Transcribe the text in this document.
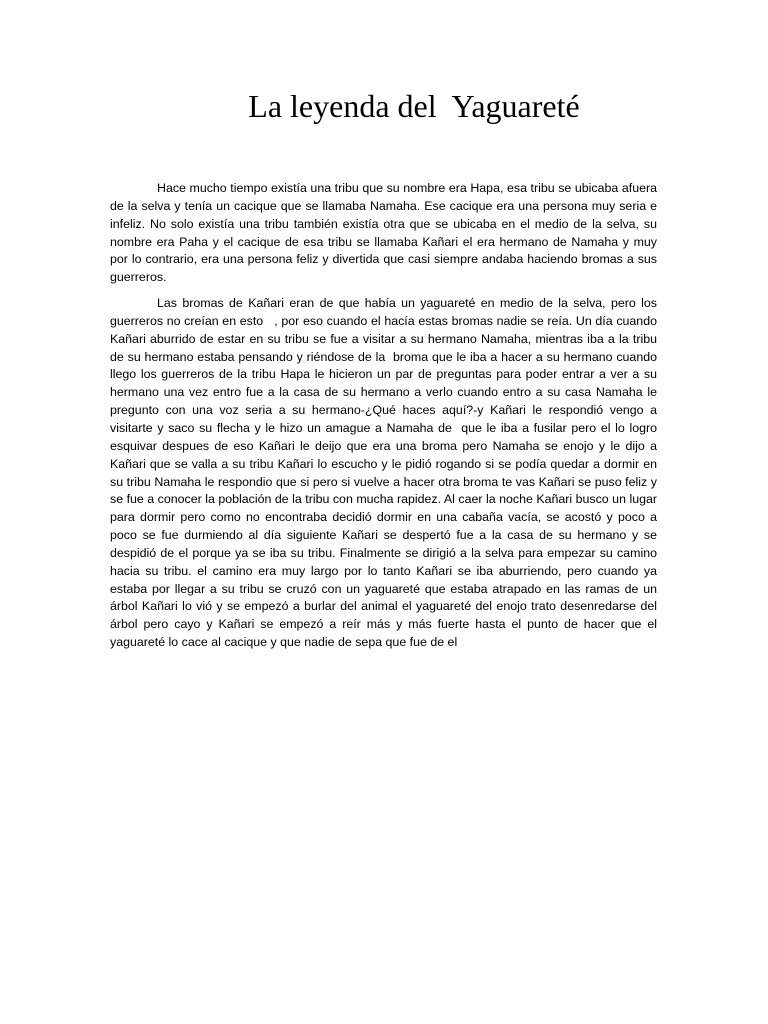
La leyenda del  Yaguareté

Hace mucho tiempo existía una tribu que su nombre era Hapa, esa tribu se ubicaba afuera de la selva y tenía un cacique que se llamaba Namaha. Ese cacique era una persona muy seria e infeliz. No solo existía una tribu también existía otra que se ubicaba en el medio de la selva, su nombre era Paha y el cacique de esa tribu se llamaba Kañari el era hermano de Namaha y muy por lo contrario, era una persona feliz y divertida que casi siempre andaba haciendo bromas a sus guerreros.

Las bromas de Kañari eran de que había un yaguareté en medio de la selva, pero los guerreros no creían en esto   , por eso cuando el hacía estas bromas nadie se reía. Un día cuando Kañari aburrido de estar en su tribu se fue a visitar a su hermano Namaha, mientras iba a la tribu de su hermano estaba pensando y riéndose de la  broma que le iba a hacer a su hermano cuando llego los guerreros de la tribu Hapa le hicieron un par de preguntas para poder entrar a ver a su hermano una vez entro fue a la casa de su hermano a verlo cuando entro a su casa Namaha le pregunto con una voz seria a su hermano-¿Qué haces aquí?-y Kañari le respondió vengo a visitarte y saco su flecha y le hizo un amague a Namaha de  que le iba a fusilar pero el lo logro esquivar despues de eso Kañari le deijo que era una broma pero Namaha se enojo y le dijo a Kañari que se valla a su tribu Kañari lo escucho y le pidió rogando si se podía quedar a dormir en su tribu Namaha le respondio que si pero si vuelve a hacer otra broma te vas Kañari se puso feliz y se fue a conocer la población de la tribu con mucha rapidez. Al caer la noche Kañari busco un lugar para dormir pero como no encontraba decidió dormir en una cabaña vacía, se acostó y poco a poco se fue durmiendo al día siguiente Kañari se despertó fue a la casa de su hermano y se despidió de el porque ya se iba su tribu. Finalmente se dirigió a la selva para empezar su camino hacia su tribu. el camino era muy largo por lo tanto Kañari se iba aburriendo, pero cuando ya estaba por llegar a su tribu se cruzó con un yaguareté que estaba atrapado en las ramas de un árbol Kañari lo vió y se empezó a burlar del animal el yaguareté del enojo trato desenredarse del árbol pero cayo y Kañari se empezó a reír más y más fuerte hasta el punto de hacer que el yaguareté lo cace al cacique y que nadie de sepa que fue de el
